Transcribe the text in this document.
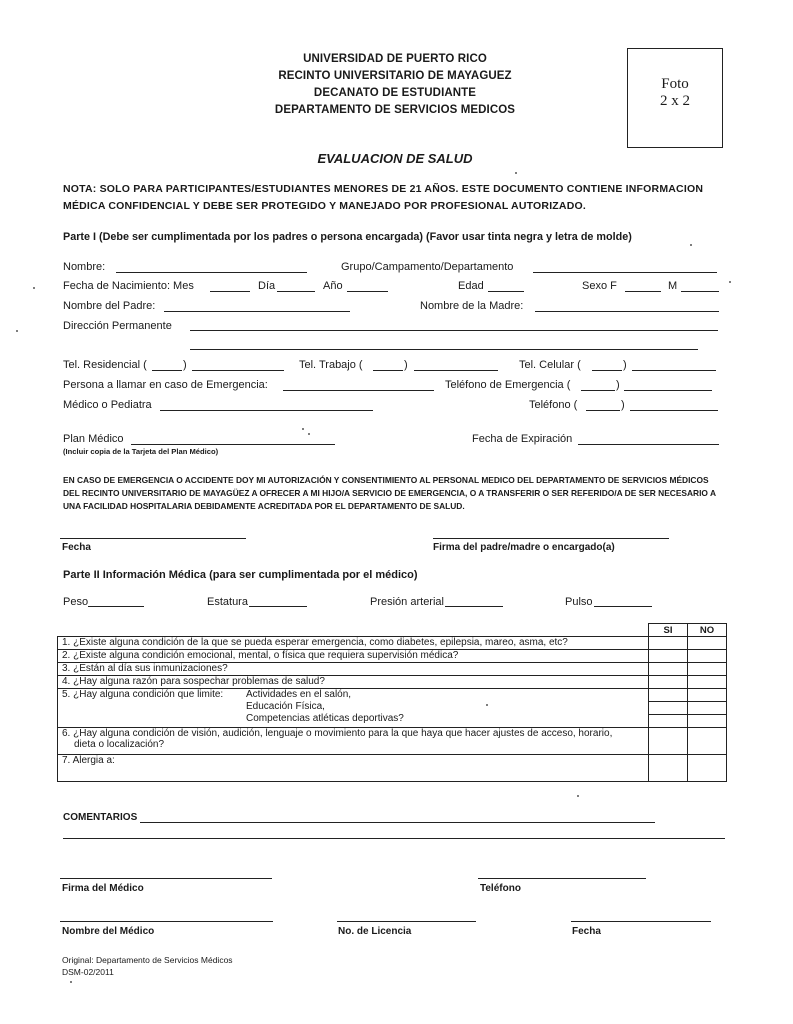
UNIVERSIDAD DE PUERTO RICO
RECINTO UNIVERSITARIO DE MAYAGUEZ
DECANATO DE ESTUDIANTE
DEPARTAMENTO DE SERVICIOS MEDICOS
Foto
2 x 2
EVALUACION DE SALUD
NOTA: SOLO PARA PARTICIPANTES/ESTUDIANTES MENORES DE 21 AÑOS. ESTE DOCUMENTO CONTIENE INFORMACION
MÉDICA CONFIDENCIAL Y DEBE SER PROTEGIDO Y MANEJADO POR PROFESIONAL AUTORIZADO.
Parte I (Debe ser cumplimentada por los padres o persona encargada) (Favor usar tinta negra y letra de molde)
Nombre:	Grupo/Campamento/Departamento
Fecha de Nacimiento: Mes	Día	Año	Edad	Sexo F	M
Nombre del Padre:	Nombre de la Madre:
Dirección Permanente
Tel. Residencial (	)	Tel. Trabajo (	)	Tel. Celular (	)
Persona a llamar en caso de Emergencia:	Teléfono de Emergencia (	)
Médico o Pediatra	Teléfono (	)
Plan Médico
(Incluir copia de la Tarjeta del Plan Médico)
Fecha de Expiración
EN CASO DE EMERGENCIA O ACCIDENTE DOY MI AUTORIZACIÓN Y CONSENTIMIENTO AL PERSONAL MEDICO DEL DEPARTAMENTO DE SERVICIOS MÉDICOS
DEL RECINTO UNIVERSITARIO DE MAYAGÜEZ A OFRECER A MI HIJO/A SERVICIO DE EMERGENCIA, O A TRANSFERIR O SER REFERIDO/A DE SER NECESARIO A
UNA FACILIDAD HOSPITALARIA DEBIDAMENTE ACREDITADA POR EL DEPARTAMENTO DE SALUD.
Fecha	Firma del padre/madre o encargado(a)
Parte II Información Médica (para ser cumplimentada por el médico)
Peso	Estatura	Presión arterial	Pulso
	SI	NO
1. ¿Existe alguna condición de la que se pueda esperar emergencia, como diabetes, epilepsia, mareo, asma, etc?		
2. ¿Existe alguna condición emocional, mental, o física que requiera supervisión médica?		
3. ¿Están al día sus inmunizaciones?		
4. ¿Hay alguna razón para sospechar problemas de salud?		
5. ¿Hay alguna condición que limite: Actividades en el salón,
Educación Física,
Competencias atléticas deportivas?		

6. ¿Hay alguna condición de visión, audición, lenguaje o movimiento para la que haya que hacer ajustes de acceso, horario,
dieta o localización?		

7. Alergia a:		
COMENTARIOS
Firma del Médico	Teléfono
Nombre del Médico	No. de Licencia	Fecha
Original: Departamento de Servicios Médicos
DSM-02/2011
